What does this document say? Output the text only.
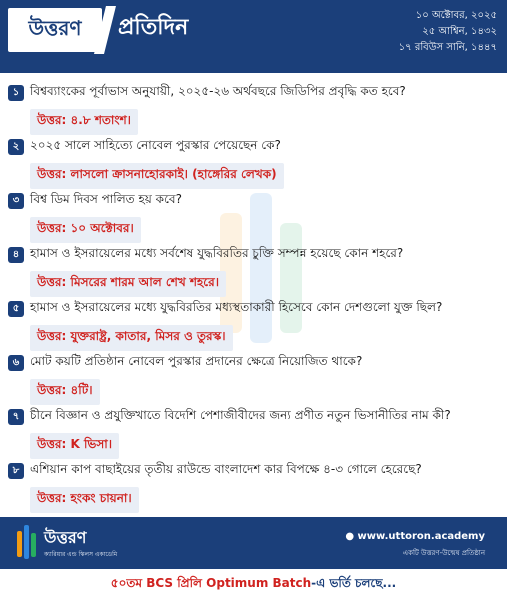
উত্তরণ প্রতিদিন	১০ অক্টোবর, ২০২৫
২৫ আশ্বিন, ১৪৩২
১৭ রবিউস সানি, ১৪৪৭
১ বিশ্বব্যাংকের পূর্বাভাস অনুযায়ী, ২০২৫-২৬ অর্থবছরে জিডিপির প্রবৃদ্ধি কত হবে?
উত্তর: ৪.৮ শতাংশ।
২ ২০২৫ সালে সাহিত্যে নোবেল পুরস্কার পেয়েছেন কে?
উত্তর: লাসলো ক্রাসনাহোরকাই। (হাঙ্গেরির লেখক)
৩ বিশ্ব ডিম দিবস পালিত হয় কবে?
উত্তর: ১০ অক্টোবর।
৪ হামাস ও ইসরায়েলের মধ্যে সর্বশেষ যুদ্ধবিরতির চুক্তি সম্পন্ন হয়েছে কোন শহরে?
উত্তর: মিসরের শারম আল শেখ শহরে।
৫ হামাস ও ইসরায়েলের মধ্যে যুদ্ধবিরতির মধ্যস্থতাকারী হিসেবে কোন দেশগুলো যুক্ত ছিল?
উত্তর: যুক্তরাষ্ট্র, কাতার, মিসর ও তুরস্ক।
৬ মোট কয়টি প্রতিষ্ঠান নোবেল পুরস্কার প্রদানের ক্ষেত্রে নিয়োজিত থাকে?
উত্তর: ৪টি।
৭ চীনে বিজ্ঞান ও প্রযুক্তিখাতে বিদেশি পেশাজীবীদের জন্য প্রণীত নতুন ভিসানীতির নাম কী?
উত্তর: K ভিসা।
৮ এশিয়ান কাপ বাছাইয়ের তৃতীয় রাউন্ডে বাংলাদেশ কার বিপক্ষে ৪-৩ গোলে হেরেছে?
উত্তর: হংকং চায়না।
উত্তরণ
ক্যারিয়ার এন্ড স্কিলস একাডেমি
● www.uttoron.academy
একটি উত্তরণ-উন্মেষ প্রতিষ্ঠান
৫০তম BCS প্রিলি Optimum Batch -এ ভর্তি চলছে...
